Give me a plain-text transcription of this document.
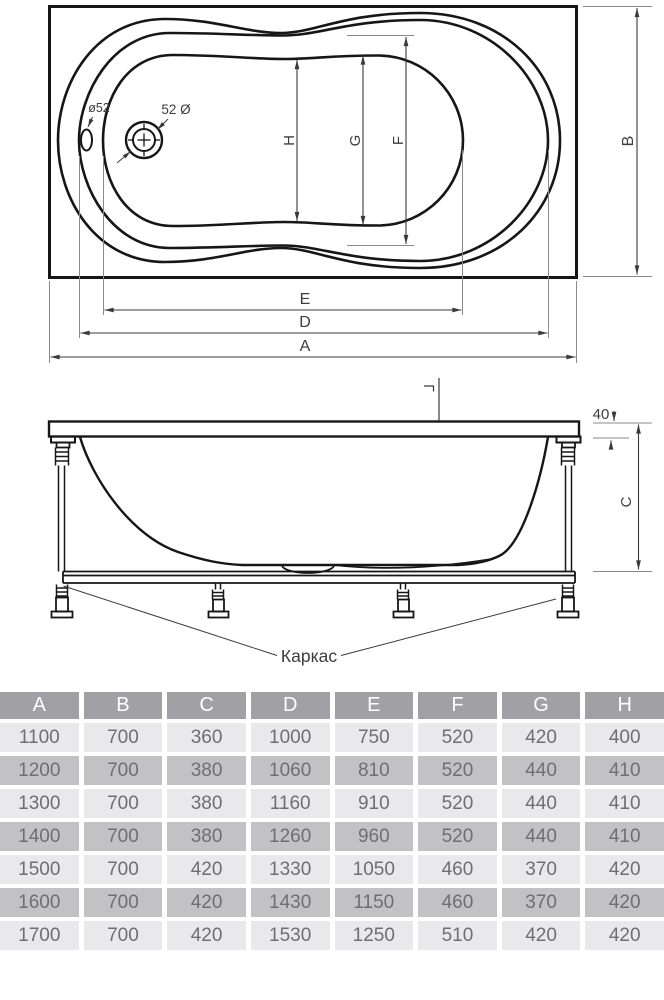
ø52	52 Ø
H	G F	B
E
D
A
40
C
Каркас
A	B	C	D	E	F	G	H
1100	700	360	1000	750	520	420	400
1200	700	380	1060	810	520	440	410
1300	700	380	1160	910	520	440	410
1400	700	380	1260	960	520	440	410
1500	700	420	1330	1050	460	370	420
1600	700	420	1430	1150	460	370	420
1700	700	420	1530	1250	510	420	420
